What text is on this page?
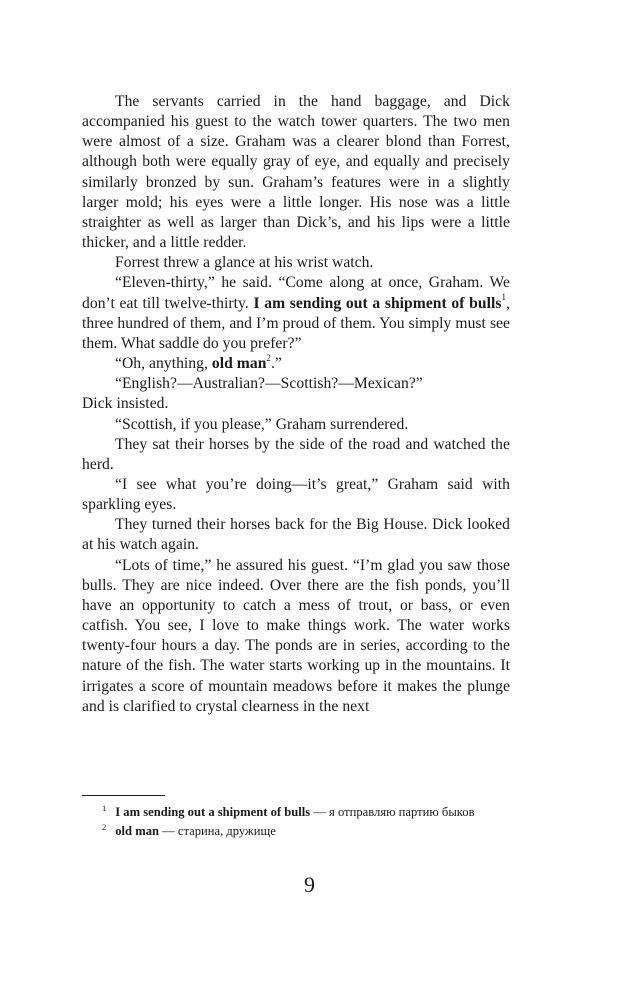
The servants carried in the hand baggage, and Dick accompanied his guest to the watch tower quarters. The two men were almost of a size. Graham was a clearer blond than Forrest, although both were equally gray of eye, and equally and precisely similarly bronzed by sun. Graham’s features were in a slightly larger mold; his eyes were a little longer. His nose was a little straighter as well as larger than Dick’s, and his lips were a little thicker, and a little redder.

Forrest threw a glance at his wrist watch.

“Eleven-thirty,” he said. “Come along at once, Graham. We don’t eat till twelve-thirty. I am sending out a shipment of bulls$^1$, three hundred of them, and I’m proud of them. You simply must see them. What saddle do you prefer?”

“Oh, anything, old man$^2$.”

“English?—Australian?—Scottish?—Mexican?”

Dick insisted.

“Scottish, if you please,” Graham surrendered.

They sat their horses by the side of the road and watched the herd.

“I see what you’re doing—it’s great,” Graham said with sparkling eyes.

They turned their horses back for the Big House. Dick looked at his watch again.

“Lots of time,” he assured his guest. “I’m glad you saw those bulls. They are nice indeed. Over there are the fish ponds, you’ll have an opportunity to catch a mess of trout, or bass, or even catfish. You see, I love to make things work. The water works twenty-four hours a day. The ponds are in series, according to the nature of the fish. The water starts working up in the mountains. It irrigates a score of mountain meadows before it makes the plunge and is clarified to crystal clearness in the next

$^1$ I am sending out a shipment of bulls — я отправляю партию быков

$^2$ old man — старина, дружище

9
